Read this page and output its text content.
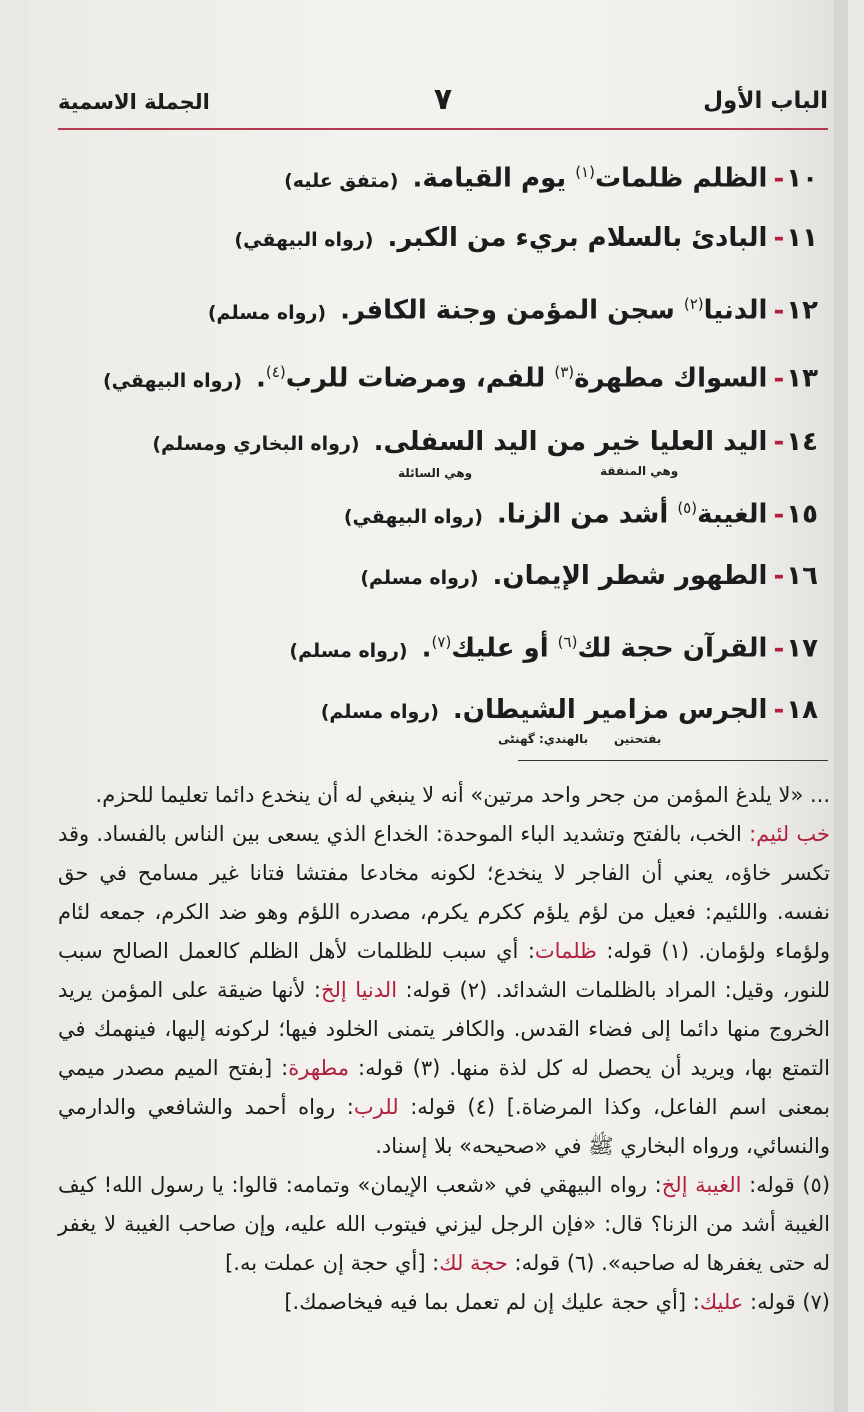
الباب الأول
٧
الجملة الاسمية
١٠-الظلم ظلمات$^{(١)}$ يوم القيامة.(متفق عليه)
١١-البادئ بالسلام بريء من الكبر.(رواه البيهقي)
١٢-الدنيا$^{(٢)}$ سجن المؤمن وجنة الكافر.(رواه مسلم)
١٣-السواك مطهرة$^{(٣)}$ للفم، ومرضات للرب$^{(٤)}$.(رواه البيهقي)
١٤-اليد العليا خير من اليد السفلى.(رواه البخاري ومسلم)
وهي المنفقة
وهي السائلة
١٥-الغيبة$^{(٥)}$ أشد من الزنا.(رواه البيهقي)
١٦-الطهور شطر الإيمان.(رواه مسلم)
١٧-القرآن حجة لك$^{(٦)}$ أو عليك$^{(٧)}$.(رواه مسلم)
١٨-الجرس مزامير الشيطان.(رواه مسلم)
بفتحتين
بالهندي: گھنٹی

... «لا يلدغ المؤمن من جحر واحد مرتين» أنه لا ينبغي له أن ينخدع دائما تعليما للحزم.

خب لئيم: الخب، بالفتح وتشديد الباء الموحدة: الخداع الذي يسعى بين الناس بالفساد. وقد تكسر خاؤه، يعني أن الفاجر لا ينخدع؛ لكونه مخادعا مفتشا فتانا غير مسامح في حق نفسه. واللئيم: فعيل من لؤم يلؤم ككرم يكرم، مصدره اللؤم وهو ضد الكرم، جمعه لئام ولؤماء ولؤمان. (١) قوله: ظلمات: أي سبب للظلمات لأهل الظلم كالعمل الصالح سبب للنور، وقيل: المراد بالظلمات الشدائد. (٢) قوله: الدنيا إلخ: لأنها ضيقة على المؤمن يريد الخروج منها دائما إلى فضاء القدس. والكافر يتمنى الخلود فيها؛ لركونه إليها، فينهمك في التمتع بها، ويريد أن يحصل له كل لذة منها. (٣) قوله: مطهرة: [بفتح الميم مصدر ميمي بمعنى اسم الفاعل، وكذا المرضاة.] (٤) قوله: للرب: رواه أحمد والشافعي والدارمي والنسائي، ورواه البخاري ﷺ في «صحيحه» بلا إسناد.

(٥) قوله: الغيبة إلخ: رواه البيهقي في «شعب الإيمان» وتمامه: قالوا: يا رسول الله! كيف الغيبة أشد من الزنا؟ قال: «فإن الرجل ليزني فيتوب الله عليه، وإن صاحب الغيبة لا يغفر له حتى يغفرها له صاحبه». (٦) قوله: حجة لك: [أي حجة إن عملت به.]

(٧) قوله: عليك: [أي حجة عليك إن لم تعمل بما فيه فيخاصمك.]
